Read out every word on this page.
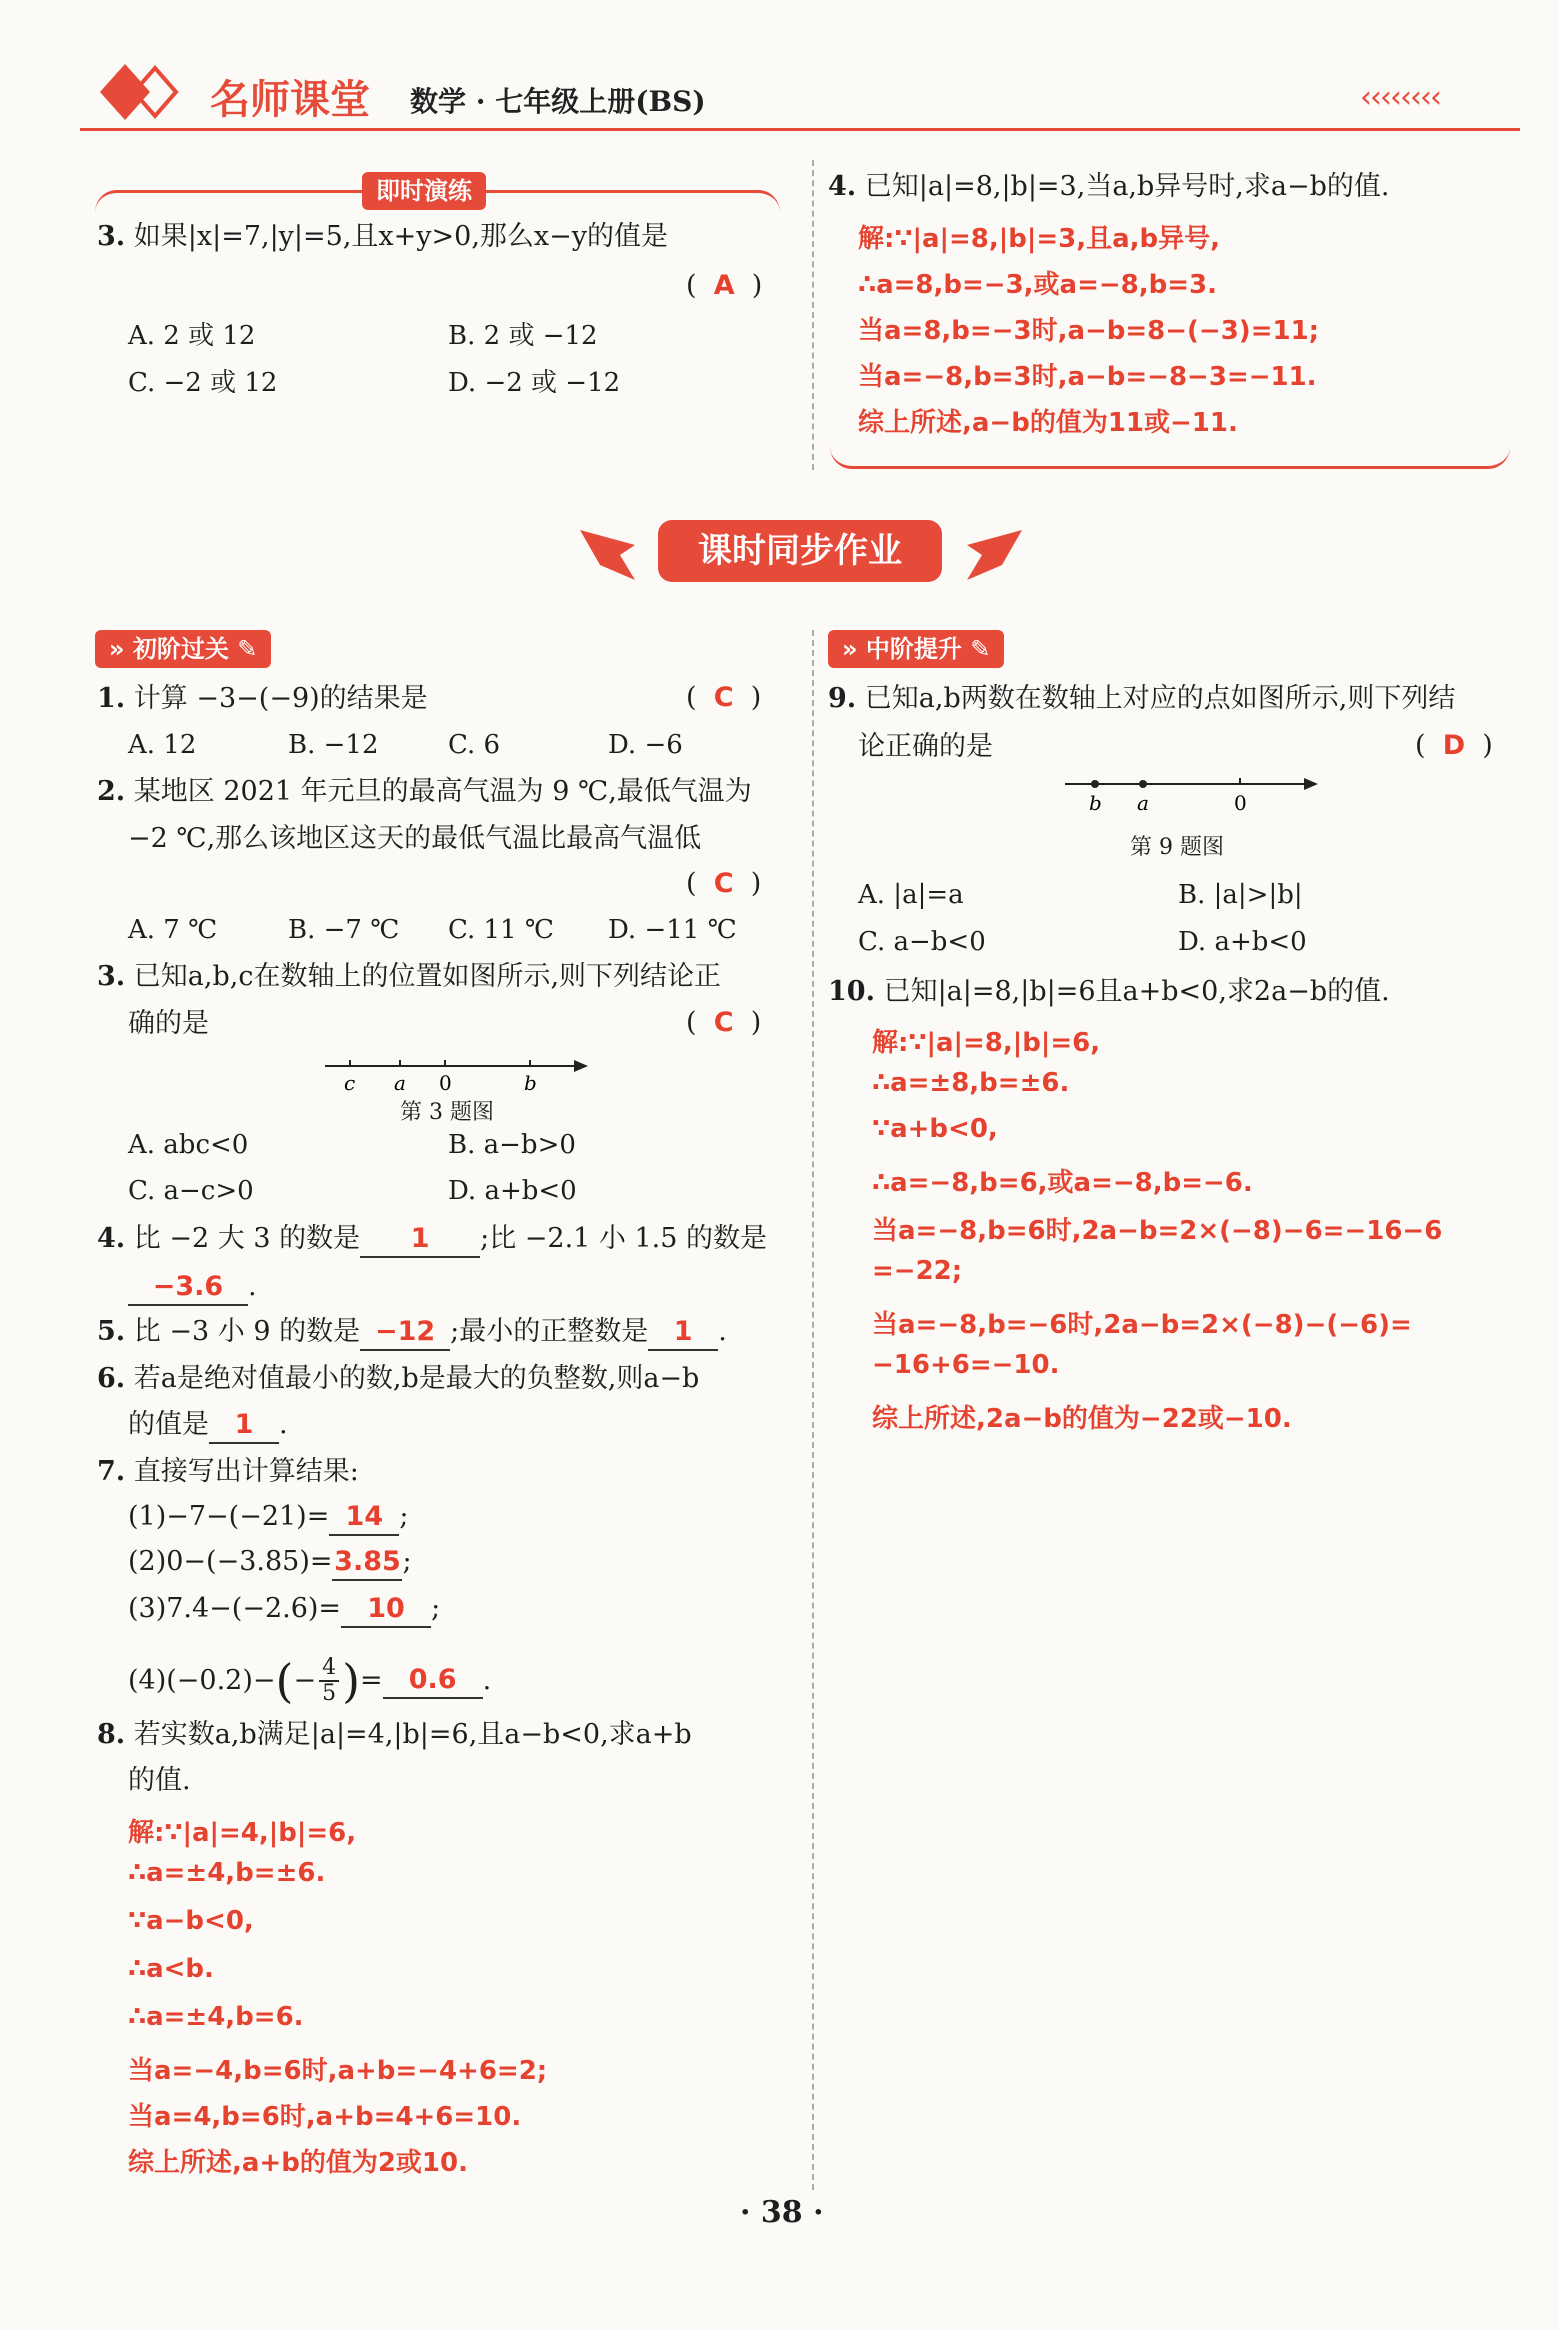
名师课堂 数学 · 七年级上册(BS)	‹‹‹‹‹‹‹‹
即时演练
3. 如果|x|=7,|y|=5,且x+y>0,那么x−y的值是
(  A  )
A. 2 或 12	B. 2 或 −12
C. −2 或 12	D. −2 或 −12
4. 已知|a|=8,|b|=3,当a,b异号时,求a−b的值.
解:∵|a|=8,|b|=3,且a,b异号,
∴a=8,b=−3,或a=−8,b=3.
当a=8,b=−3时,a−b=8−(−3)=11;
当a=−8,b=3时,a−b=−8−3=−11.
综上所述,a−b的值为11或−11.
课时同步作业
» 初阶过关 ✎
1. 计算 −3−(−9)的结果是	(  C  )
A. 12	B. −12	C. 6	D. −6
2. 某地区 2021 年元旦的最高气温为 9 ℃,最低气温为
−2 ℃,那么该地区这天的最低气温比最高气温低
(  C  )
A. 7 ℃	B. −7 ℃ C. 11 ℃ D. −11 ℃
3. 已知a,b,c在数轴上的位置如图所示,则下列结论正
确的是	(  C  )
c a 0	b
第 3 题图
A. abc<0	B. a−b>0
C. a−c>0	D. a+b<0
4. 比 −2 大 3 的数是 1 ;比 −2.1 小 1.5 的数是
−3.6 .
5. 比 −3 小 9 的数是 −12 ;最小的正整数是 1 .
6. 若a是绝对值最小的数,b是最大的负整数,则a−b
的值是 1 .
7. 直接写出计算结果:
(1)−7−(−21)= 14 ;
(2)0−(−3.85)=3.85;
(3)7.4−(−2.6)= 10 ;
(4)(−0.2)− ( − $\frac{4}{5}$ ) = 0.6 .
8. 若实数a,b满足|a|=4,|b|=6,且a−b<0,求a+b
的值.
解:∵|a|=4,|b|=6,
∴a=±4,b=±6.
∵a−b<0,
∴a<b.
∴a=±4,b=6.
当a=−4,b=6时,a+b=−4+6=2;
当a=4,b=6时,a+b=4+6=10.
综上所述,a+b的值为2或10.
» 中阶提升 ✎
9. 已知a,b两数在数轴上对应的点如图所示,则下列结
论正确的是	(  D  )
b a	0
第 9 题图
A. |a|=a	B. |a|>|b|
C. a−b<0	D. a+b<0
10. 已知|a|=8,|b|=6且a+b<0,求2a−b的值.
解:∵|a|=8,|b|=6,
∴a=±8,b=±6.
∵a+b<0,
∴a=−8,b=6,或a=−8,b=−6.
当a=−8,b=6时,2a−b=2×(−8)−6=−16−6
=−22;
当a=−8,b=−6时,2a−b=2×(−8)−(−6)=
−16+6=−10.
综上所述,2a−b的值为−22或−10.
· 38 ·
